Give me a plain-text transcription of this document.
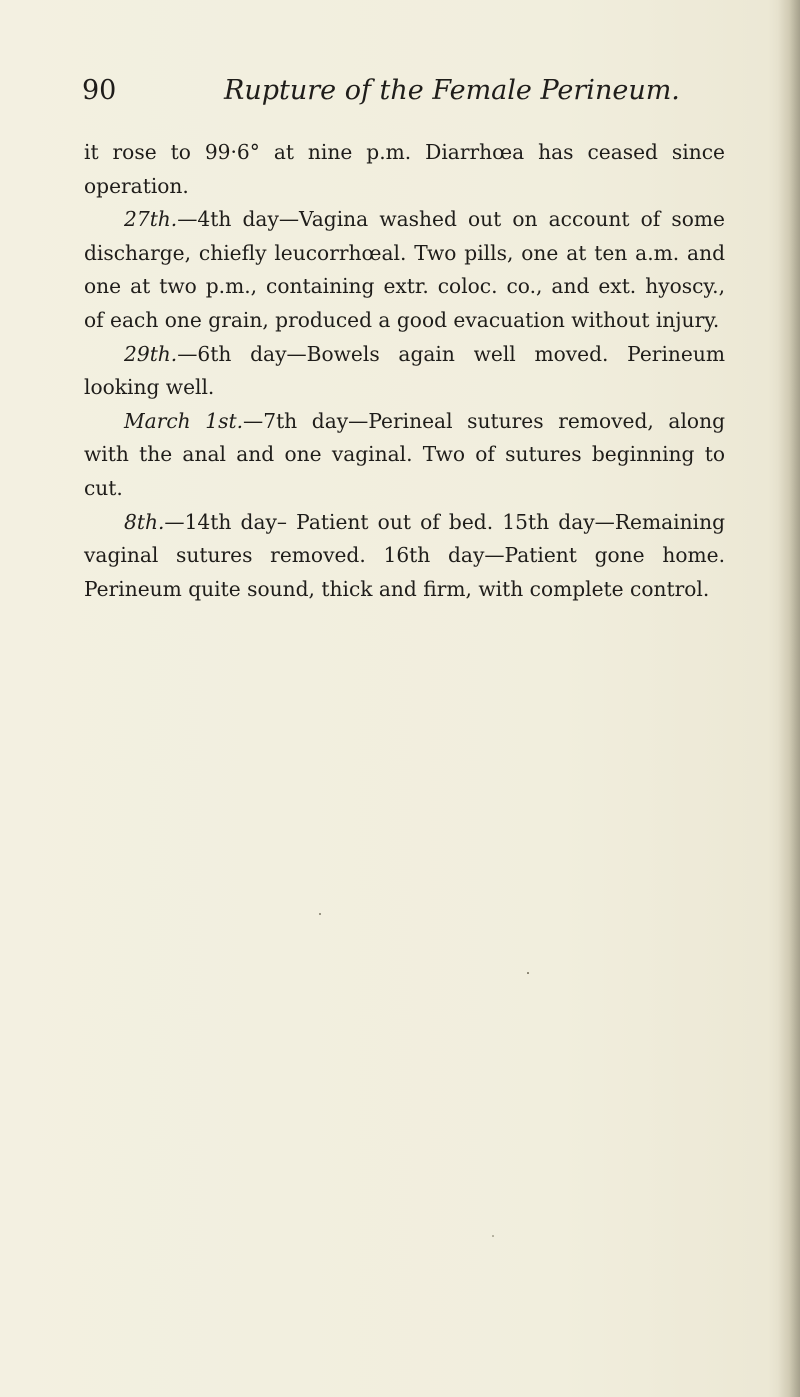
90	Rupture of the Female Perineum.

it rose to 99·6° at nine p.m. Diarrhœa has ceased since operation.

27th.—4th day—Vagina washed out on account of some discharge, chiefly leucorrhœal. Two pills, one at ten a.m. and one at two p.m., containing extr. coloc. co., and ext. hyoscy., of each one grain, produced a good evacuation without injury.

29th.—6th day—Bowels again well moved. Perineum looking well.

March 1st.—7th day—Perineal sutures removed, along with the anal and one vaginal. Two of sutures beginning to cut.

8th.—14th day– Patient out of bed. 15th day—Remaining vaginal sutures removed. 16th day—Patient gone home. Perineum quite sound, thick and firm, with complete control.
